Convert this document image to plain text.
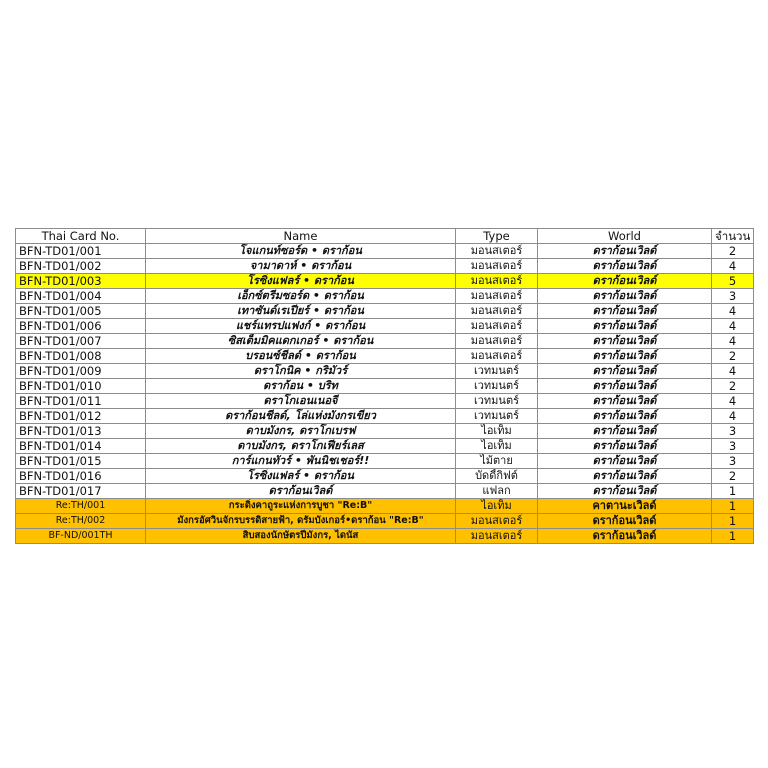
Thai Card No.	Name	Type	World	จำนวน
BFN-TD01/001	โจแกนท์ซอร์ด • ดราก้อน	มอนสเตอร์	ดราก้อนเวิลด์	2
BFN-TD01/002	จามาดาห์ • ดราก้อน	มอนสเตอร์	ดราก้อนเวิลด์	4
BFN-TD01/003	โรซิ่งแฟลร์ • ดราก้อน	มอนสเตอร์	ดราก้อนเวิลด์	5
BFN-TD01/004	เอ็กซ์ตรีมซอร์ด • ดราก้อน	มอนสเตอร์	ดราก้อนเวิลด์	3
BFN-TD01/005	เทาซันด์เรเปียร์ • ดราก้อน	มอนสเตอร์	ดราก้อนเวิลด์	4
BFN-TD01/006	แชร์แทรปแฟงก์ • ดราก้อน	มอนสเตอร์	ดราก้อนเวิลด์	4
BFN-TD01/007	ซิสเต็มมิคแดกเกอร์ • ดราก้อน	มอนสเตอร์	ดราก้อนเวิลด์	4
BFN-TD01/008	บรอนซ์ชีลด์ • ดราก้อน	มอนสเตอร์	ดราก้อนเวิลด์	2
BFN-TD01/009	ดราโกนิค • กริมัวร์	เวทมนตร์	ดราก้อนเวิลด์	4
BFN-TD01/010	ดราก้อน • บริท	เวทมนตร์	ดราก้อนเวิลด์	2
BFN-TD01/011	ดราโกเอนเนอจี	เวทมนตร์	ดราก้อนเวิลด์	4
BFN-TD01/012	ดราก้อนชีลด์, โล่แห่งมังกรเขียว	เวทมนตร์	ดราก้อนเวิลด์	4
BFN-TD01/013	ดาบมังกร, ดราโกเบรฟ	ไอเท็ม	ดราก้อนเวิลด์	3
BFN-TD01/014	ดาบมังกร, ดราโกเฟียร์เลส	ไอเท็ม	ดราก้อนเวิลด์	3
BFN-TD01/015	การ์แกนทัวร์ • พันนิชเชอร์!!	ไม้ตาย	ดราก้อนเวิลด์	3
BFN-TD01/016	โรซิ่งแฟลร์ • ดราก้อน	บัดดี้กิฟต์	ดราก้อนเวิลด์	2
BFN-TD01/017	ดราก้อนเวิลด์	แฟลก	ดราก้อนเวิลด์	1
Re:TH/001	กระดิ่งคาถูระแห่งการบูชา "Re:B"	ไอเท็ม	คาตานะเวิลด์	1
Re:TH/002	มังกรอัศวินจักรบรรดิสายฟ้า, ดรัมบังเกอร์•ดราก้อน "Re:B"	มอนสเตอร์	ดราก้อนเวิลด์	1
BF-ND/001TH	สิบสองนักษัตรปีมังกร, ไดนัส	มอนสเตอร์	ดราก้อนเวิลด์	1
